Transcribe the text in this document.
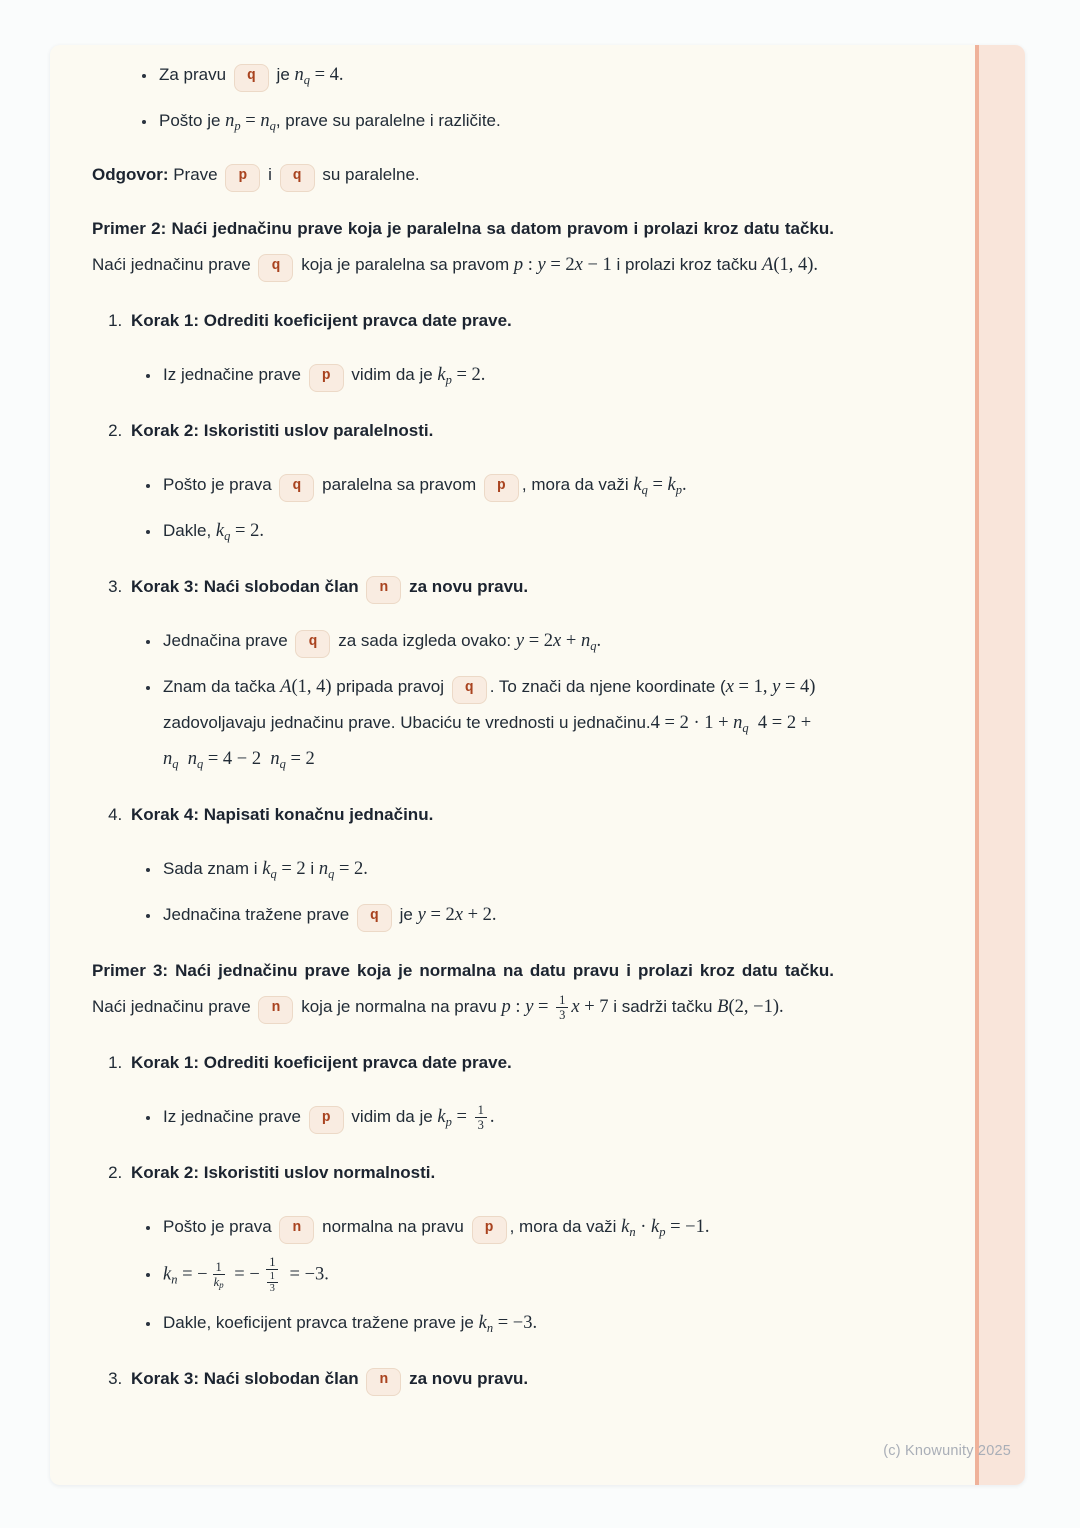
• Za pravu q je $n_q = 4$.
• Pošto je $n_p = n_q$, prave su paralelne i različite.

Odgovor: Prave p i q su paralelne.

Primer 2: Naći jednačinu prave koja je paralelna sa datom pravom i prolazi kroz datu tačku. Naći jednačinu prave q koja je paralelna sa pravom p : y = 2x − 1 i prolazi kroz tačku A(1, 4).

1. Korak 1: Odrediti koeficijent pravca date prave.
• Iz jednačine prave p vidim da je $k_p = 2$.
2. Korak 2: Iskoristiti uslov paralelnosti.
• Pošto je prava q paralelna sa pravom p , mora da važi $k_q = k_p$.
• Dakle, $k_q = 2$.
3. Korak 3: Naći slobodan član n za novu pravu.
• Jednačina prave q za sada izgleda ovako: $y = 2x + n_q$.
• Znam da tačka A(1, 4) pripada pravoj q . To znači da njene koordinate (x = 1, y = 4) zadovoljavaju jednačinu prave. Ubaciću te vrednosti u jednačinu.4 = $2 \cdot 1 + n_q$  $4 = 2 + n_q$ $n_q = 4 - 2$  $n_q = 2$
4. Korak 4: Napisati konačnu jednačinu.
• Sada znam i $k_q = 2$ i $n_q = 2$.
• Jednačina tražene prave q je y = 2x + 2.

Primer 3: Naći jednačinu prave koja je normalna na datu pravu i prolazi kroz datu tačku. Naći jednačinu prave n koja je normalna na pravu p : $y = \frac{1}{3}$ x + 7 i sadrži tačku B(2, −1).

1. Korak 1: Odrediti koeficijent pravca date prave.
• Iz jednačine prave p vidim da je $k_p = \frac{1}{3}$ .
2. Korak 2: Iskoristiti uslov normalnosti.
• Pošto je prava n normalna na pravu p , mora da važi $k_n \cdot k_p = -1$.
• $k_n$ = − $\frac{1}{k_p}$ = − $\frac{1}{\frac{1}{3}} = -3$.
• Dakle, koeficijent pravca tražene prave je $k_n = -3$.
3. Korak 3: Naći slobodan član n za novu pravu.
(c) Knowunity 2025
